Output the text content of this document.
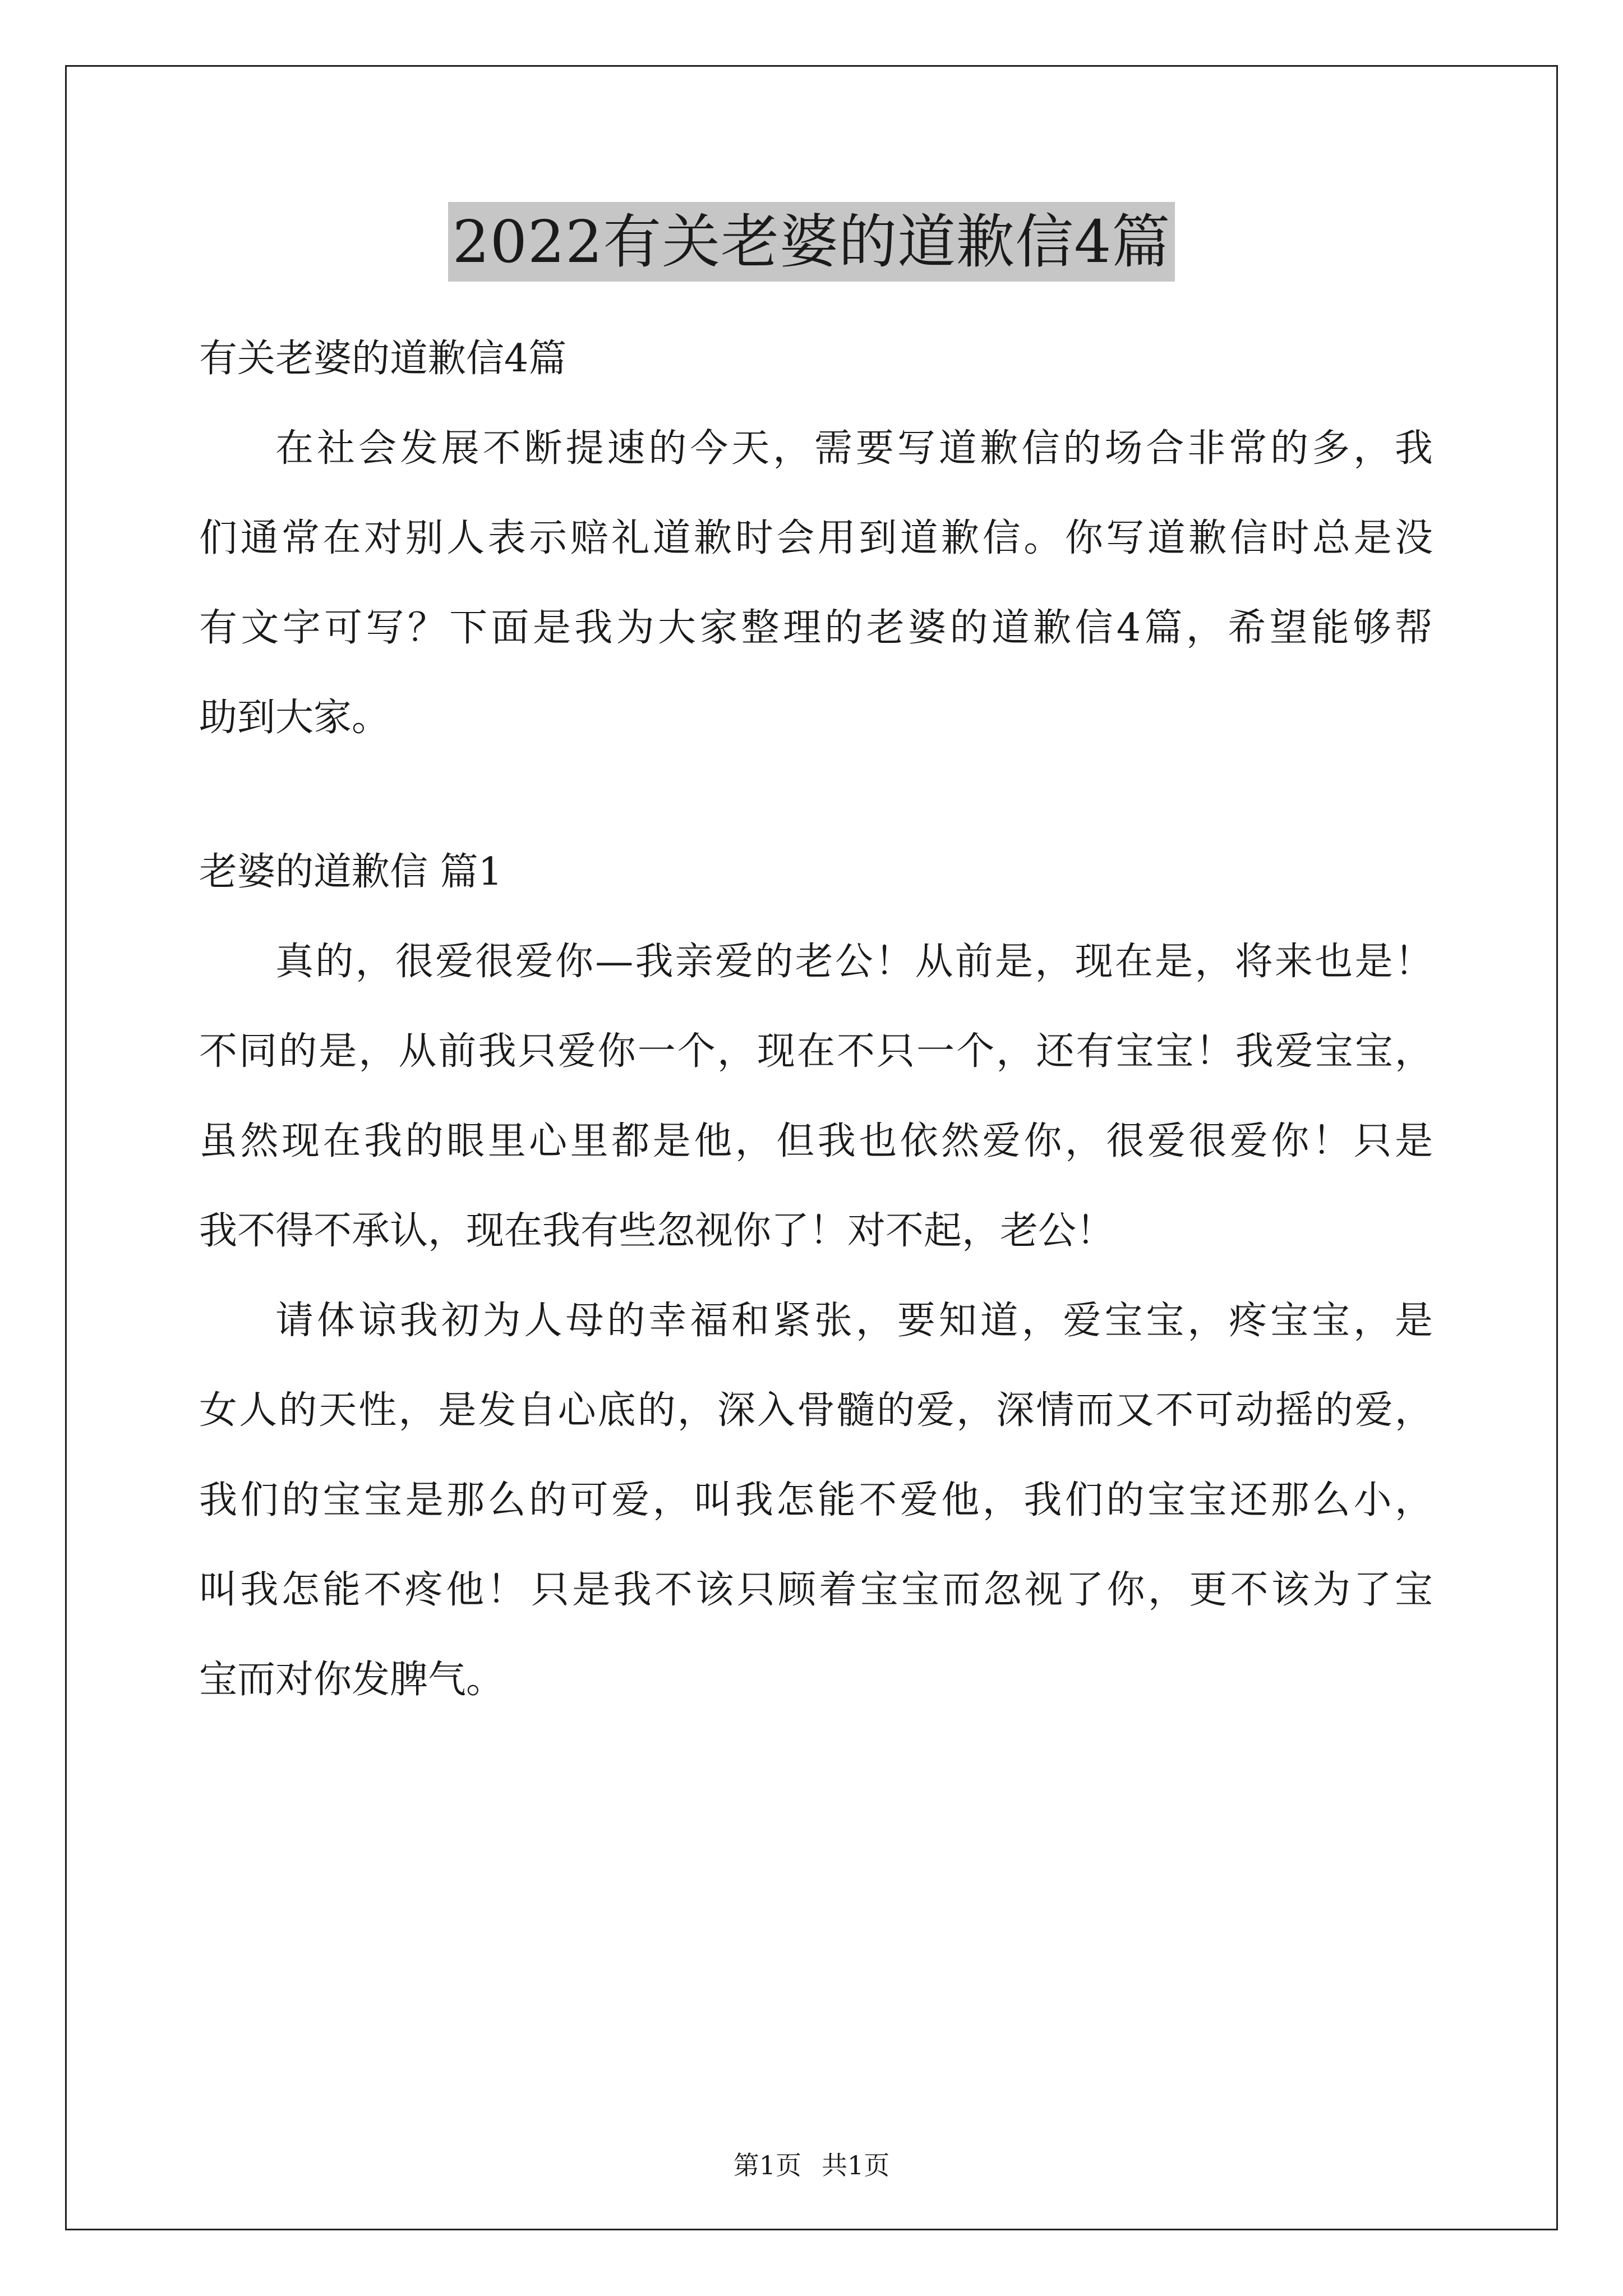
2022有关老婆的道歉信4篇
有关老婆的道歉信4篇
在 社 会 发 展 不 断 提 速 的 今 天 ， 需 要 写 道 歉 信 的 场 合 非 常 的 多 ， 我
们 通 常 在 对 别 人 表 示 赔 礼 道 歉 时 会 用 到 道 歉 信 。 你 写 道 歉 信 时 总 是 没
有 文 字 可 写 ？ 下 面 是 我 为 大 家 整 理 的 老 婆 的 道 歉 信 4 篇 ， 希 望 能 够 帮
助到大家。
老婆的道歉信 篇1
真 的 ， 很 爱 很 爱 你 — 我 亲 爱 的 老 公 ！ 从 前 是 ， 现 在 是 ， 将 来 也 是 ！
不 同 的 是 ， 从 前 我 只 爱 你 一 个 ， 现 在 不 只 一 个 ， 还 有 宝 宝 ！ 我 爱 宝 宝 ，
虽 然 现 在 我 的 眼 里 心 里 都 是 他 ， 但 我 也 依 然 爱 你 ， 很 爱 很 爱 你 ！ 只 是
我不得不承认，现在我有些忽视你了！对不起，老公！
请 体 谅 我 初 为 人 母 的 幸 福 和 紧 张 ， 要 知 道 ， 爱 宝 宝 ， 疼 宝 宝 ， 是
女 人 的 天 性 ， 是 发 自 心 底 的 ， 深 入 骨 髓 的 爱 ， 深 情 而 又 不 可 动 摇 的 爱 ，
我 们 的 宝 宝 是 那 么 的 可 爱 ， 叫 我 怎 能 不 爱 他 ， 我 们 的 宝 宝 还 那 么 小 ，
叫 我 怎 能 不 疼 他 ！ 只 是 我 不 该 只 顾 着 宝 宝 而 忽 视 了 你 ， 更 不 该 为 了 宝
宝而对你发脾气。
第1页 共1页
